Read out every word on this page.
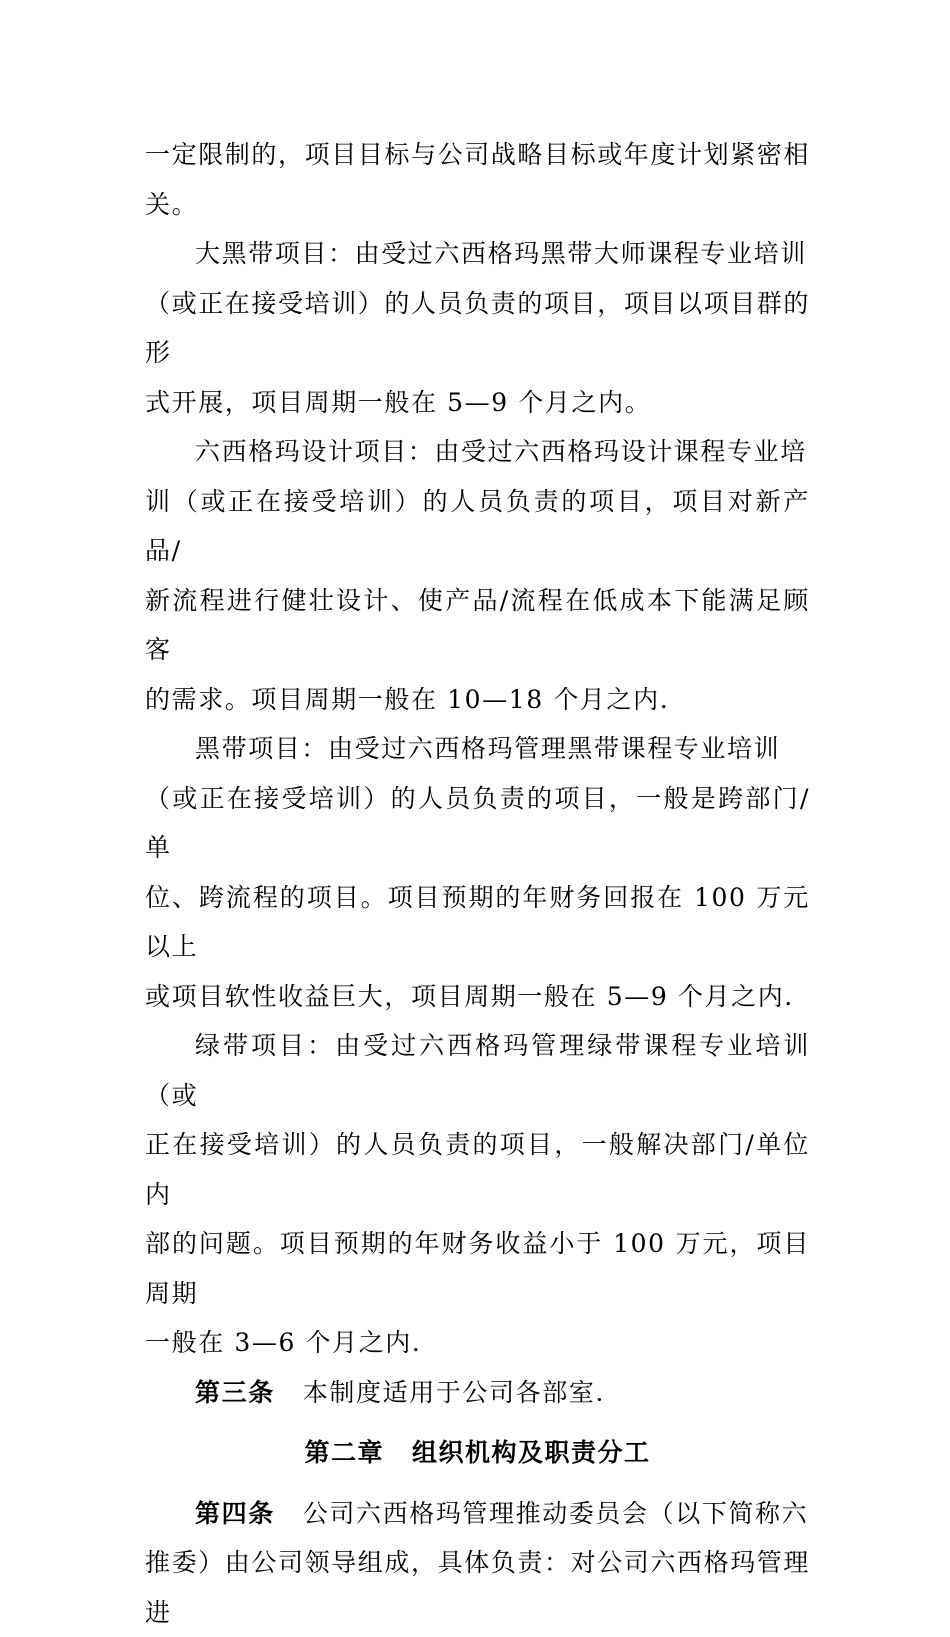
一定限制的，项目目标与公司战略目标或年度计划紧密相
关。

大黑带项目：由受过六西格玛黑带大师课程专业培训
（或正在接受培训）的人员负责的项目，项目以项目群的形
式开展，项目周期一般在 5—9 个月之内。

六西格玛设计项目：由受过六西格玛设计课程专业培
训（或正在接受培训）的人员负责的项目，项目对新产品/
新流程进行健壮设计、使产品/流程在低成本下能满足顾客
的需求。项目周期一般在 10—18 个月之内.

黑带项目：由受过六西格玛管理黑带课程专业培训
（或正在接受培训）的人员负责的项目，一般是跨部门/单
位、跨流程的项目。项目预期的年财务回报在 100 万元以上
或项目软性收益巨大，项目周期一般在 5—9 个月之内.

绿带项目：由受过六西格玛管理绿带课程专业培训（或
正在接受培训）的人员负责的项目，一般解决部门/单位内
部的问题。项目预期的年财务收益小于 100 万元，项目周期
一般在 3—6 个月之内.

第三条 本制度适用于公司各部室.

第二章 组织机构及职责分工

第四条 公司六西格玛管理推动委员会（以下简称六
推委）由公司领导组成，具体负责：对公司六西格玛管理进
